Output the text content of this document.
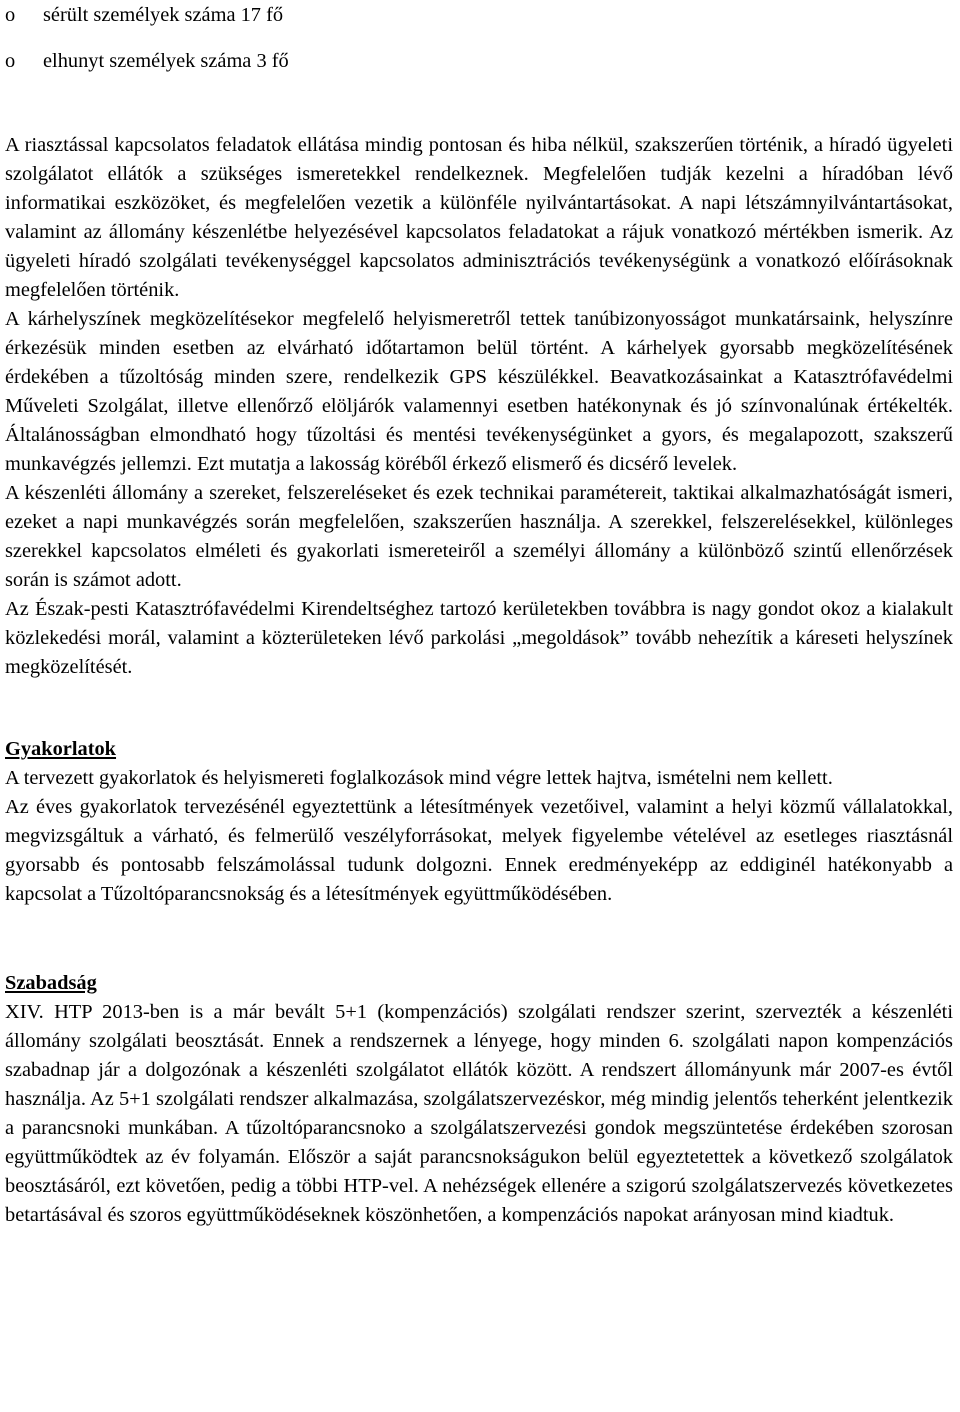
o sérült személyek száma 17 fő
o elhunyt személyek száma 3 fő

A riasztással kapcsolatos feladatok ellátása mindig pontosan és hiba nélkül, szakszerűen történik, a híradó ügyeleti szolgálatot ellátók a szükséges ismeretekkel rendelkeznek. Megfelelően tudják kezelni a híradóban lévő informatikai eszközöket, és megfelelően vezetik a különféle nyilvántartásokat. A napi létszámnyilvántartásokat, valamint az állomány készenlétbe helyezésével kapcsolatos feladatokat a rájuk vonatkozó mértékben ismerik. Az ügyeleti híradó szolgálati tevékenységgel kapcsolatos adminisztrációs tevékenységünk a vonatkozó előírásoknak megfelelően történik.

A kárhelyszínek megközelítésekor megfelelő helyismeretről tettek tanúbizonyosságot munkatársaink, helyszínre érkezésük minden esetben az elvárható időtartamon belül történt. A kárhelyek gyorsabb megközelítésének érdekében a tűzoltóság minden szere, rendelkezik GPS készülékkel. Beavatkozásainkat a Katasztrófavédelmi Műveleti Szolgálat, illetve ellenőrző elöljárók valamennyi esetben hatékonynak és jó színvonalúnak értékelték. Általánosságban elmondható hogy tűzoltási és mentési tevékenységünket a gyors, és megalapozott, szakszerű munkavégzés jellemzi. Ezt mutatja a lakosság köréből érkező elismerő és dicsérő levelek.

A készenléti állomány a szereket, felszereléseket és ezek technikai paramétereit, taktikai alkalmazhatóságát ismeri, ezeket a napi munkavégzés során megfelelően, szakszerűen használja. A szerekkel, felszerelésekkel, különleges szerekkel kapcsolatos elméleti és gyakorlati ismereteiről a személyi állomány a különböző szintű ellenőrzések során is számot adott.

Az Észak-pesti Katasztrófavédelmi Kirendeltséghez tartozó kerületekben továbbra is nagy gondot okoz a kialakult közlekedési morál, valamint a közterületeken lévő parkolási „megoldások” tovább nehezítik a kárеseti helyszínek megközelítését.

Gyakorlatok

A tervezett gyakorlatok és helyismereti foglalkozások mind végre lettek hajtva, ismételni nem kellett.

Az éves gyakorlatok tervezésénél egyeztettünk a létesítmények vezetőivel, valamint a helyi közmű vállalatokkal, megvizsgáltuk a várható, és felmerülő veszélyforrásokat, melyek figyelembe vételével az esetleges riasztásnál gyorsabb és pontosabb felszámolással tudunk dolgozni. Ennek eredményeképp az eddiginél hatékonyabb a kapcsolat a Tűzoltóparancsnokság és a létesítmények együttműködésében.

Szabadság

XIV. HTP 2013-ben is a már bevált 5+1 (kompenzációs) szolgálati rendszer szerint, szervezték a készenléti állomány szolgálati beosztását. Ennek a rendszernek a lényege, hogy minden 6. szolgálati napon kompenzációs szabadnap jár a dolgozónak a készenléti szolgálatot ellátók között. A rendszert állományunk már 2007-es évtől használja. Az 5+1 szolgálati rendszer alkalmazása, szolgálatszervezéskor, még mindig jelentős teherként jelentkezik a parancsnoki munkában. A tűzoltóparancsnoko a szolgálatszervezési gondok megszüntetése érdekében szorosan együttműködtek az év folyamán. Először a saját parancsnokságukon belül egyeztetettek a következő szolgálatok beosztásáról, ezt követően, pedig a többi HTP-vel. A nehézségek ellenére a szigorú szolgálatszervezés következetes betartásával és szoros együttműködéseknek köszönhetően, a kompenzációs napokat arányosan mind kiadtuk.
